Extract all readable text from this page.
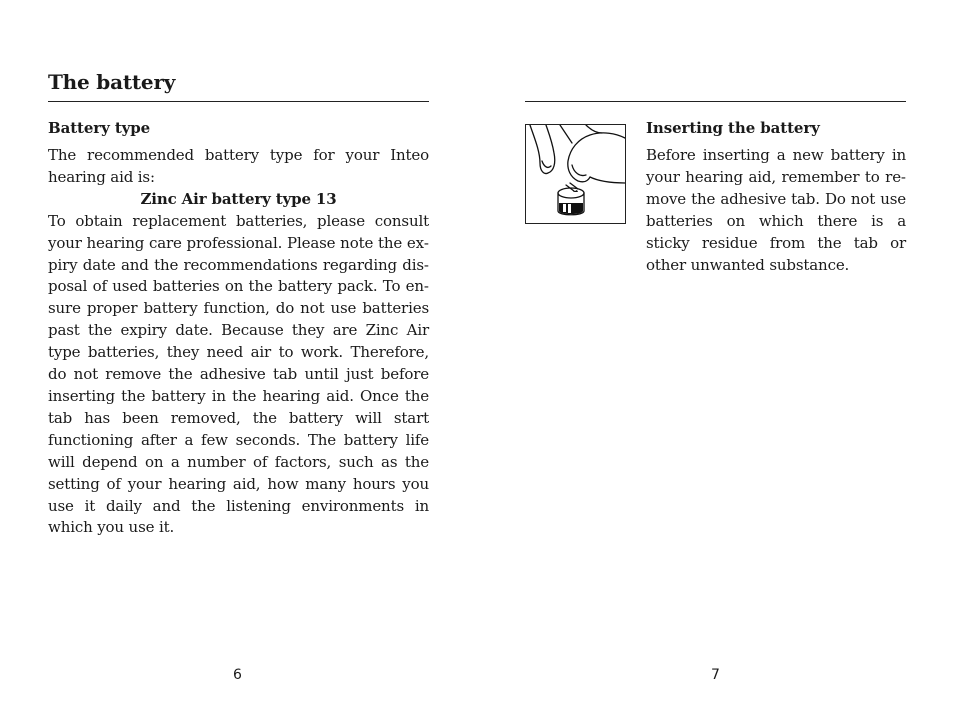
The battery
Battery type
The recommended battery type for your Inteo hearing aid is:
Zinc Air battery type 13
To obtain replacement batteries, please consult your hearing care professional. Please note the expiry date and the recommendations regarding disposal of used batteries on the battery pack. To ensure proper battery function, do not use batteries past the expiry date. Because they are Zinc Air type batteries, they need air to work. Therefore, do not remove the adhesive tab until just before inserting the battery in the hearing aid. Once the tab has been removed, the battery will start functioning after a few seconds. The battery life will depend on a number of factors, such as the setting of your hearing aid, how many hours you use it daily and the listening environments in which you use it.
6
Inserting the battery
Before inserting a new battery in your hearing aid, remember to remove the adhesive tab. Do not use batteries on which there is a sticky residue from the tab or other unwanted substance.
7
